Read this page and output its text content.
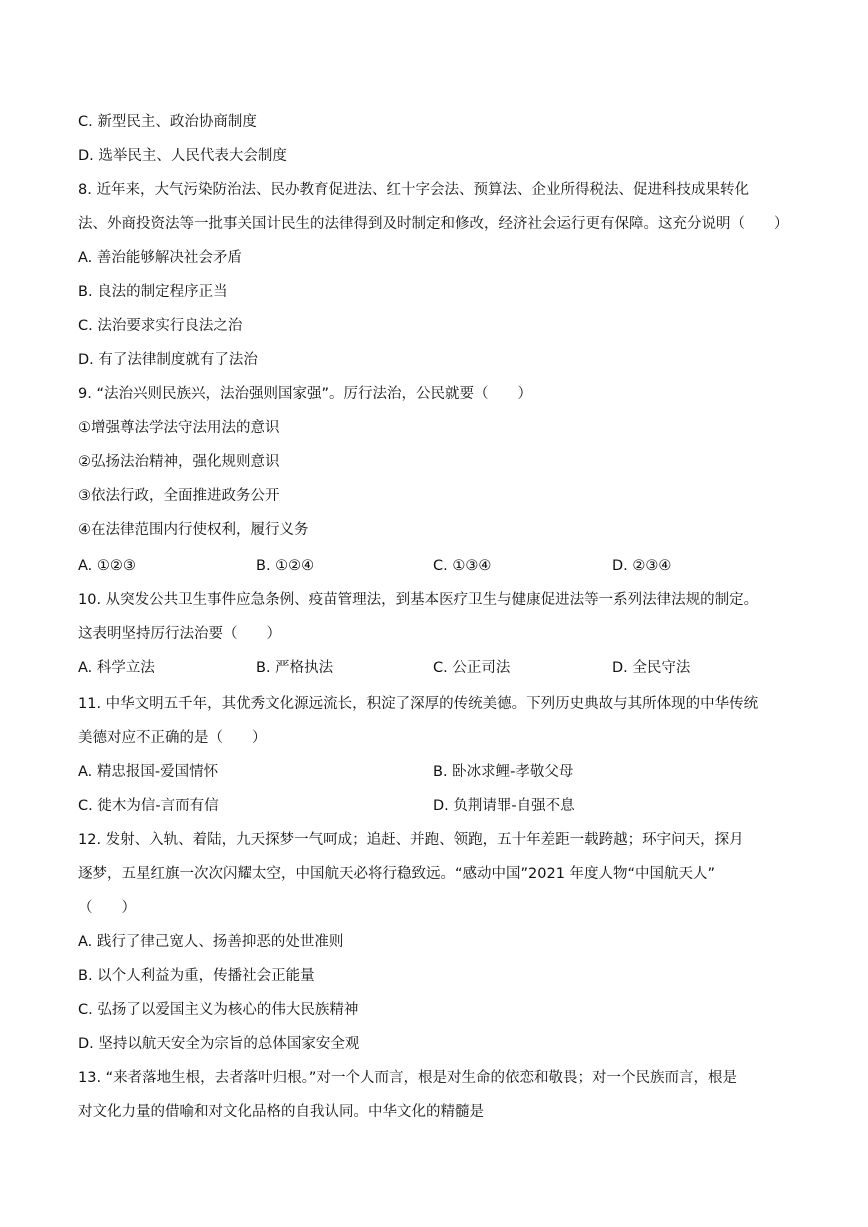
C. 新型民主、政治协商制度
D. 选举民主、人民代表大会制度
8. 近年来，大气污染防治法、民办教育促进法、红十字会法、预算法、企业所得税法、促进科技成果转化
法、外商投资法等一批事关国计民生的法律得到及时制定和修改，经济社会运行更有保障。这充分说明（　　）
A. 善治能够解决社会矛盾
B. 良法的制定程序正当
C. 法治要求实行良法之治
D. 有了法律制度就有了法治
9. “法治兴则民族兴，法治强则国家强”。厉行法治，公民就要（　　）
①增强尊法学法守法用法的意识
②弘扬法治精神，强化规则意识
③依法行政，全面推进政务公开
④在法律范围内行使权利，履行义务
A. ①②③	B. ①②④	C. ①③④	D. ②③④
10. 从突发公共卫生事件应急条例、疫苗管理法，到基本医疗卫生与健康促进法等一系列法律法规的制定。
这表明坚持厉行法治要（　　）
A. 科学立法	B. 严格执法	C. 公正司法	D. 全民守法
11. 中华文明五千年，其优秀文化源远流长，积淀了深厚的传统美德。下列历史典故与其所体现的中华传统
美德对应不正确的是（　　）
A. 精忠报国-爱国情怀	B. 卧冰求鲤-孝敬父母
C. 徙木为信-言而有信	D. 负荆请罪-自强不息
12. 发射、入轨、着陆，九天探梦一气呵成；追赶、并跑、领跑，五十年差距一载跨越；环宇问天，探月
逐梦，五星红旗一次次闪耀太空，中国航天必将行稳致远。“感动中国”2021 年度人物“中国航天人”
（　　）
A. 践行了律己宽人、扬善抑恶的处世准则
B. 以个人利益为重，传播社会正能量
C. 弘扬了以爱国主义为核心的伟大民族精神
D. 坚持以航天安全为宗旨的总体国家安全观
13. “来者落地生根，去者落叶归根。”对一个人而言，根是对生命的依恋和敬畏；对一个民族而言，根是
对文化力量的借喻和对文化品格的自我认同。中华文化的精髓是
